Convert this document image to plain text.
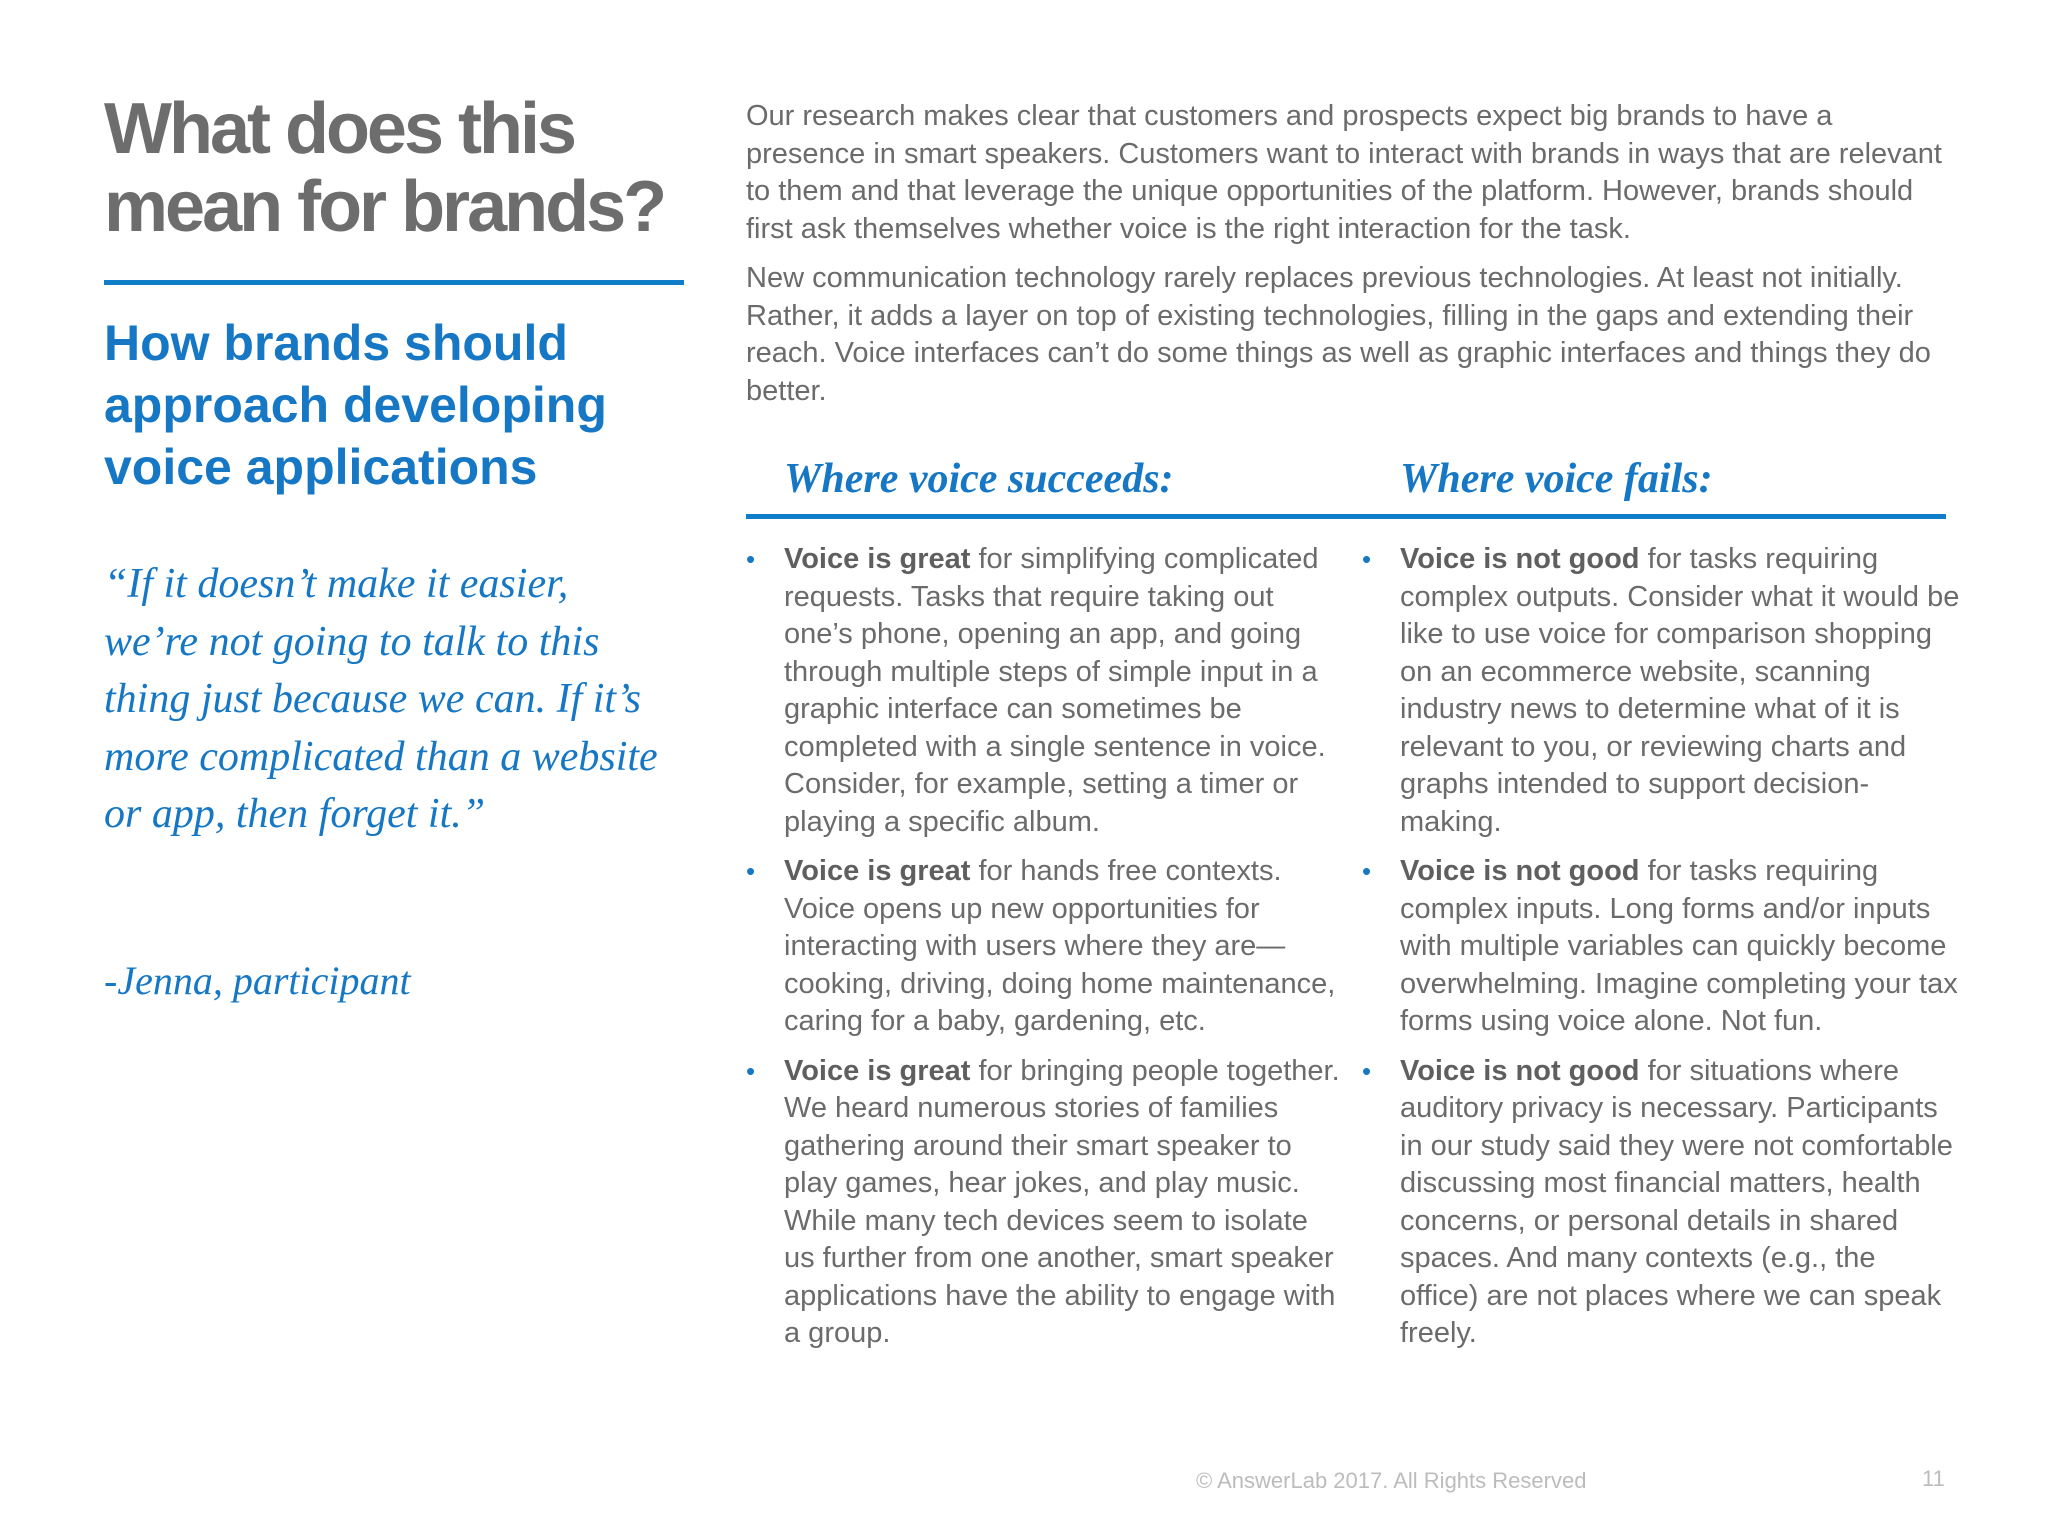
What does this
mean for brands?
How brands should
approach developing
voice applications

“If it doesn’t make it easier, we’re not going to talk to this thing just because we can. If it’s more complicated than a website or app, then forget it.”

-Jenna, participant

Our research makes clear that customers and prospects expect big brands to have a presence in smart speakers. Customers want to interact with brands in ways that are relevant to them and that leverage the unique opportunities of the platform. However, brands should first ask themselves whether voice is the right interaction for the task.

New communication technology rarely replaces previous technologies. At least not initially. Rather, it adds a layer on top of existing technologies, filling in the gaps and extending their reach. Voice interfaces can’t do some things as well as graphic interfaces and things they do better.

Where voice succeeds:	Where voice fails:
• Voice is great for simplifying complicated requests. Tasks that require taking out one’s phone, opening an app, and going through multiple steps of simple input in a graphic interface can sometimes be completed with a single sentence in voice. Consider, for example, setting a timer or playing a specific album.
• Voice is great for hands free contexts. Voice opens up new opportunities for interacting with users where they are—cooking, driving, doing home maintenance, caring for a baby, gardening, etc.
• Voice is great for bringing people together. We heard numerous stories of families gathering around their smart speaker to play games, hear jokes, and play music. While many tech devices seem to isolate us further from one another, smart speaker applications have the ability to engage with a group.
• Voice is not good for tasks requiring complex outputs. Consider what it would be like to use voice for comparison shopping on an ecommerce website, scanning industry news to determine what of it is relevant to you, or reviewing charts and graphs intended to support decision-making.
• Voice is not good for tasks requiring complex inputs. Long forms and/or inputs with multiple variables can quickly become overwhelming. Imagine completing your tax forms using voice alone. Not fun.
• Voice is not good for situations where auditory privacy is necessary. Participants in our study said they were not comfortable discussing most financial matters, health concerns, or personal details in shared spaces. And many contexts (e.g., the office) are not places where we can speak freely.
© AnswerLab 2017. All Rights Reserved	11
